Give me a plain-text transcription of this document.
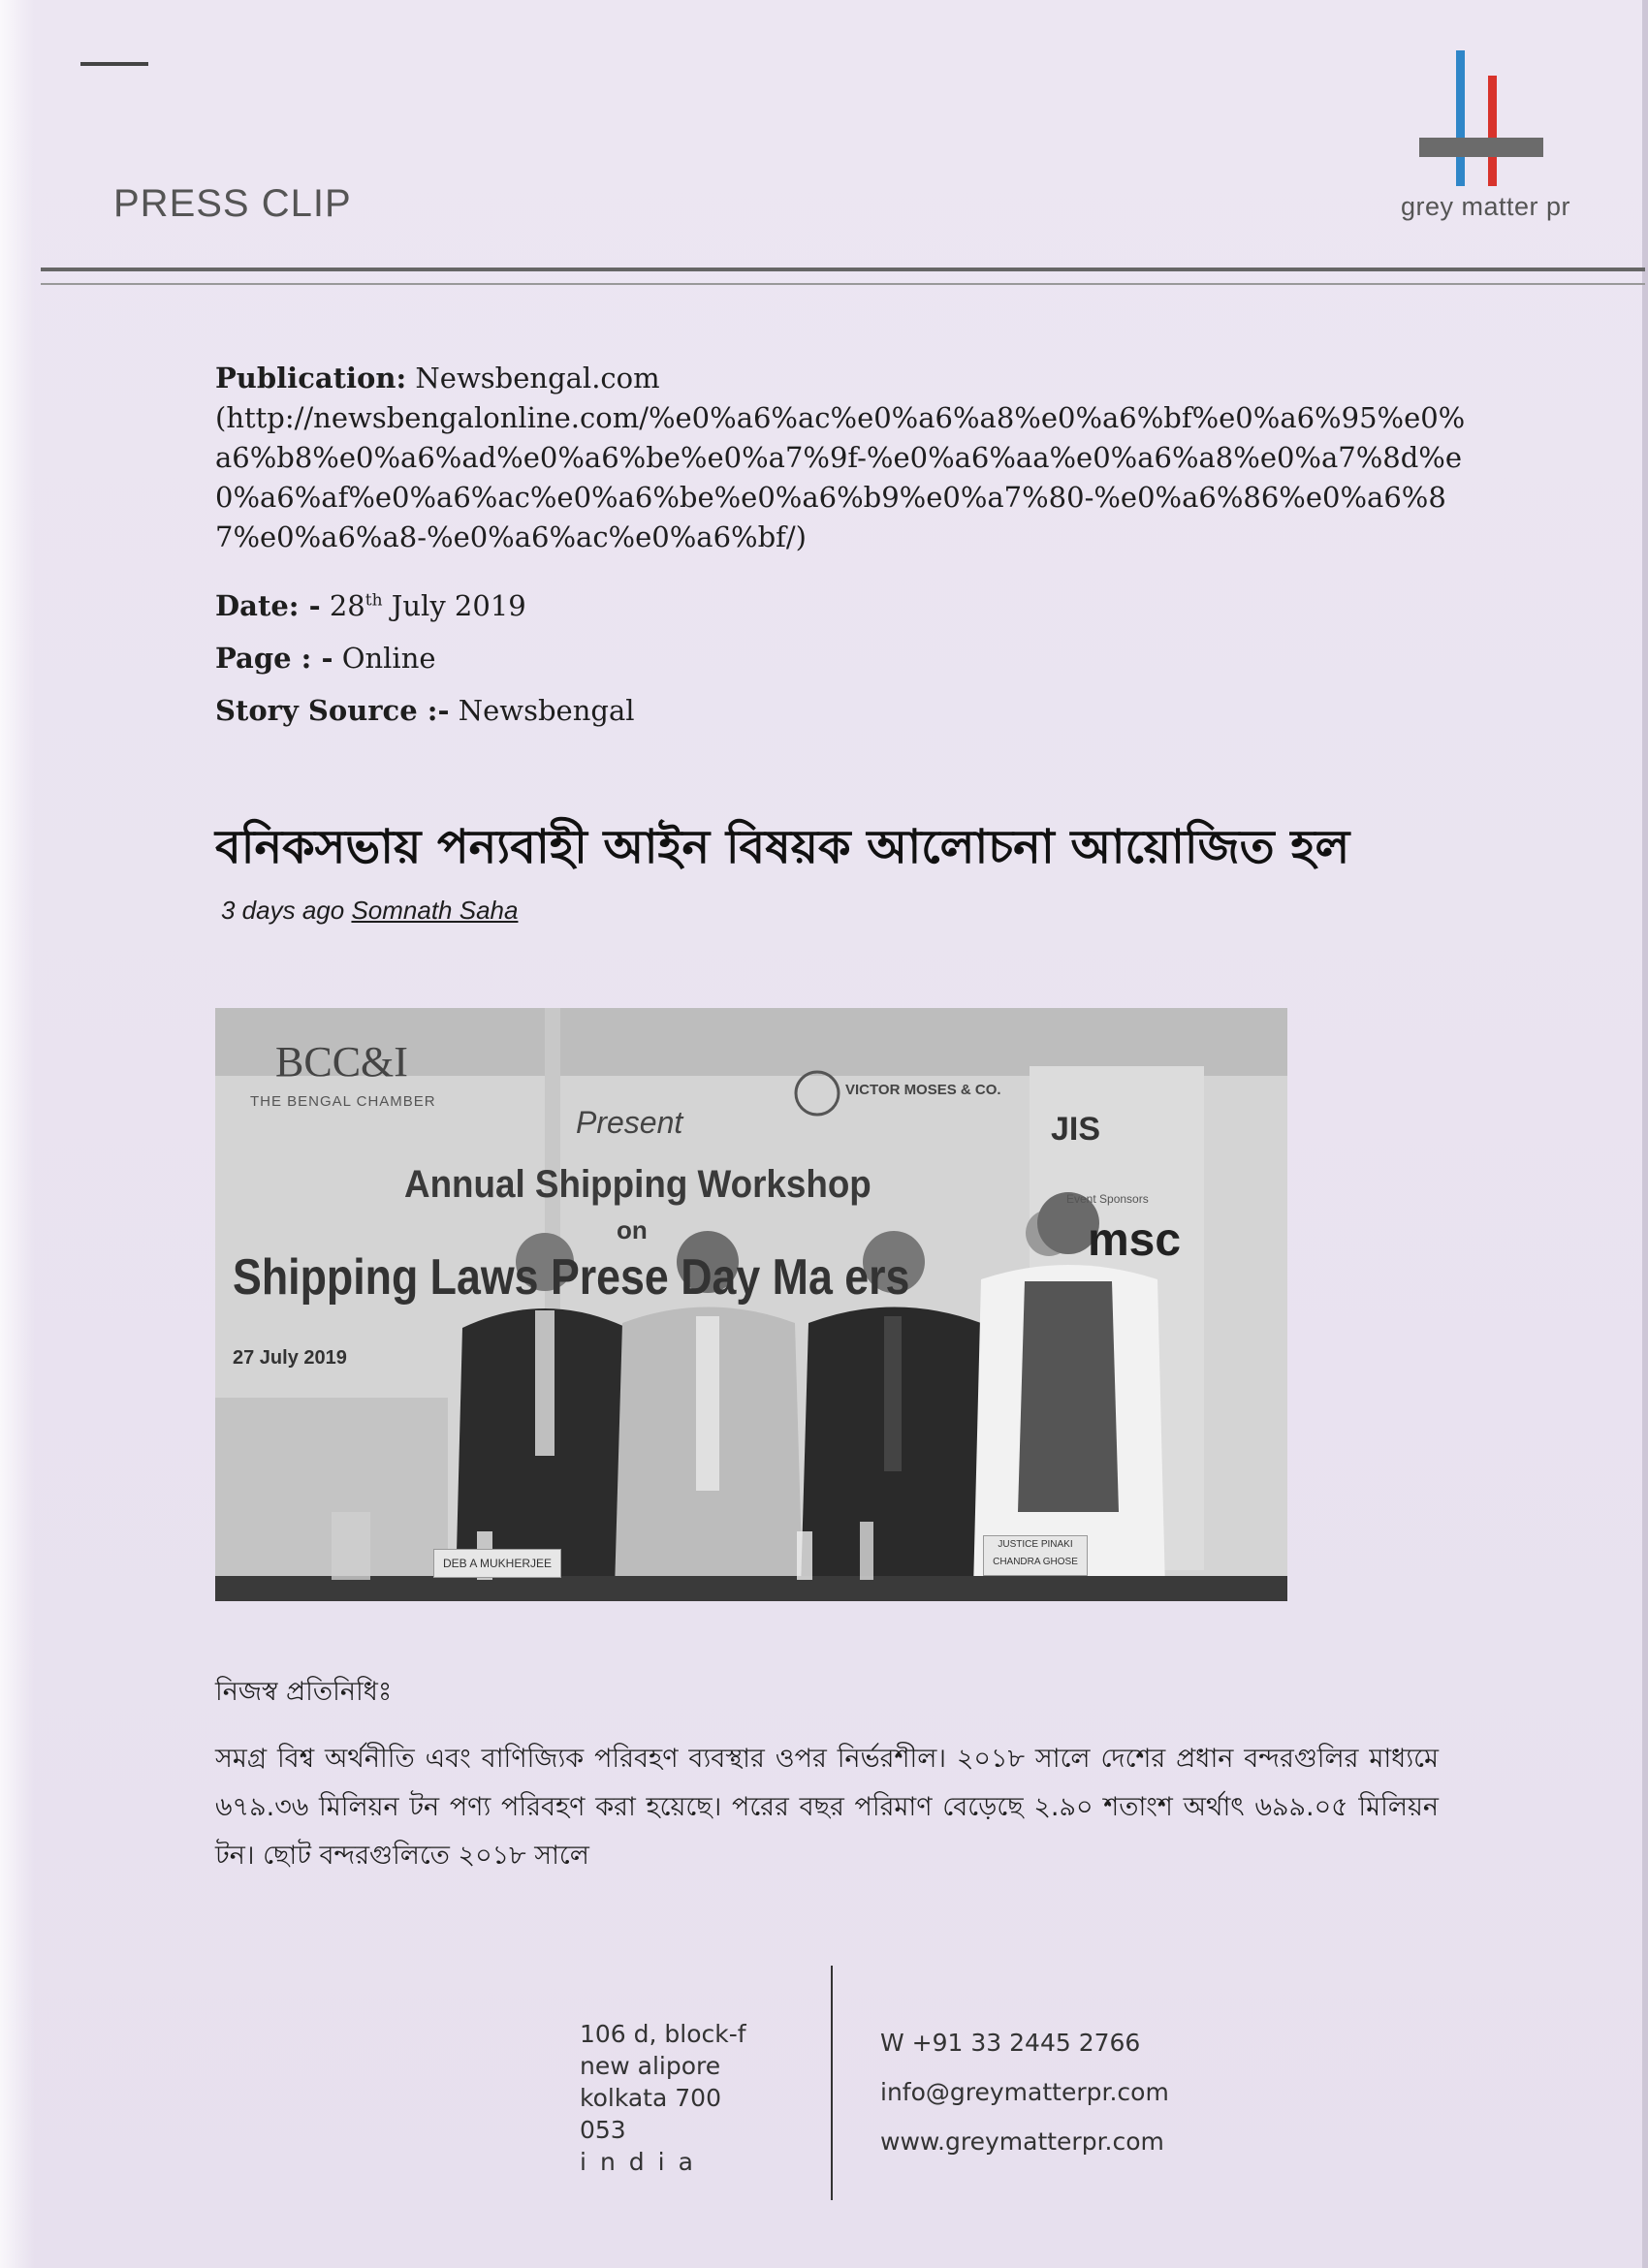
PRESS CLIP	grey matter pr
Publication: Newsbengal.com
(http://newsbengalonline.com/%e0%a6%ac%e0%a6%a8%e0%a6%bf%e0%a6%95%e0%a6%b8%e0%a6%ad%e0%a6%be%e0%a7%9f-%e0%a6%aa%e0%a6%a8%e0%a7%8d%e0%a6%af%e0%a6%ac%e0%a6%be%e0%a6%b9%e0%a7%80-%e0%a6%86%e0%a6%87%e0%a6%a8-%e0%a6%ac%e0%a6%bf/)
Date: - 28th July 2019
Page : - Online
Story Source :- Newsbengal
বনিকসভায় পন্যবাহী আইন বিষয়ক আলোচনা আয়োজিত হল
3 days ago Somnath Saha
BCC&I
THE BENGAL CHAMBER
Present
VICTOR MOSES & CO.
Annual Shipping Workshop
on
Shipping Laws Prese Day Ma ers
27 July 2019
JIS
Event Sponsors
msc
DEB A MUKHERJEE
JUSTICE PINAKI CHANDRA GHOSE
নিজস্ব প্রতিনিধিঃ
সমগ্র বিশ্ব অর্থনীতি এবং বাণিজ্যিক পরিবহণ ব্যবস্থার ওপর নির্ভরশীল। ২০১৮ সালে দেশের প্রধান বন্দরগুলির মাধ্যমে ৬৭৯.৩৬ মিলিয়ন টন পণ্য পরিবহণ করা হয়েছে। পরের বছর পরিমাণ বেড়েছে ২.৯০ শতাংশ অর্থাৎ ৬৯৯.০৫ মিলিয়ন টন। ছোট বন্দরগুলিতে ২০১৮ সালে
106 d, block-f
new alipore
kolkata 700 053
india
W +91 33 2445 2766
info@greymatterpr.com
www.greymatterpr.com
